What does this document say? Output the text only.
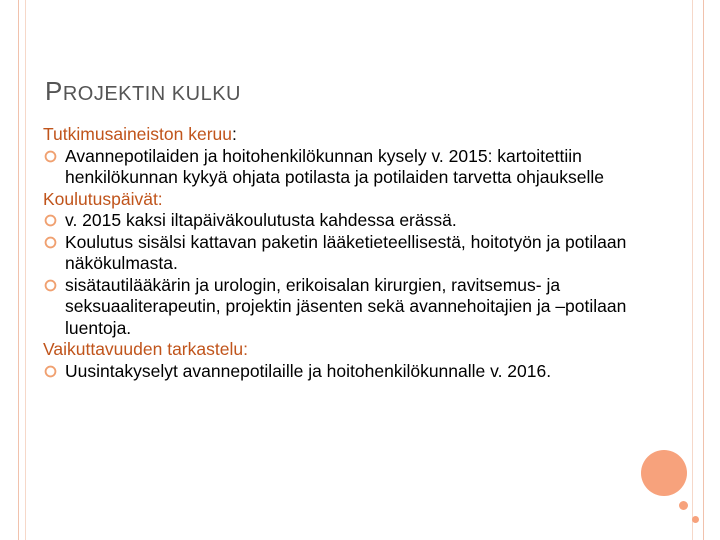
PROJEKTIN KULKU
Tutkimusaineiston keruu:
Avannepotilaiden ja hoitohenkilökunnan kysely v. 2015: kartoitettiin henkilökunnan kykyä ohjata potilasta ja potilaiden tarvetta ohjaukselle
Koulutuspäivät:
v. 2015 kaksi iltapäiväkoulutusta kahdessa erässä.
Koulutus sisälsi kattavan paketin lääketieteellisestä, hoitotyön ja potilaan näkökulmasta.
sisätautilääkärin ja urologin, erikoisalan kirurgien, ravitsemus- ja seksuaaliterapeutin, projektin jäsenten sekä avannehoitajien ja –potilaan luentoja.
Vaikuttavuuden tarkastelu:
Uusintakyselyt avannepotilaille ja hoitohenkilökunnalle v. 2016.
